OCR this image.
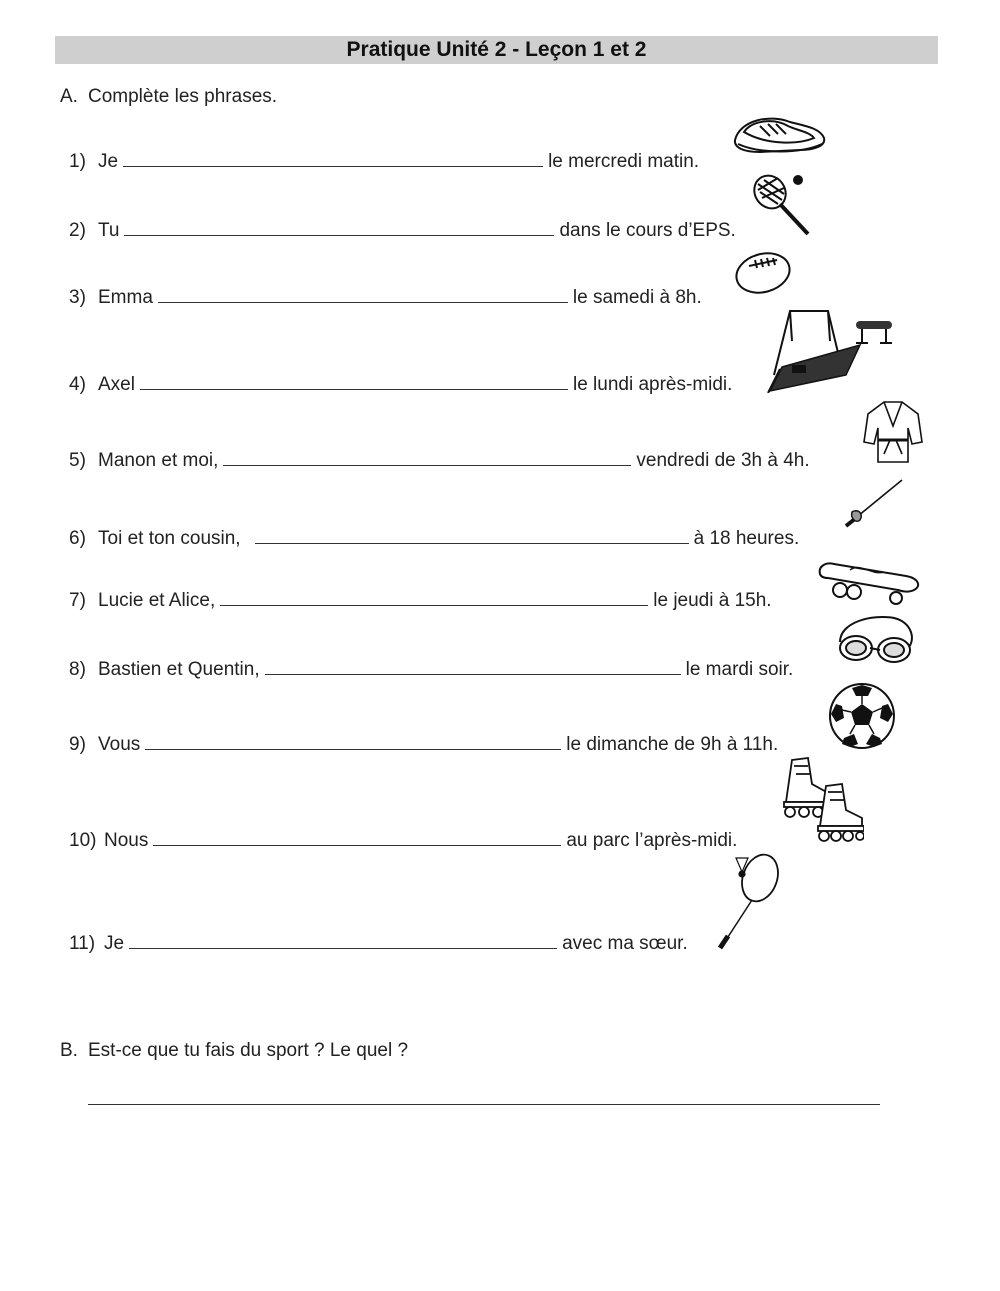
Pratique Unité 2 - Leçon 1 et 2
A. Complète les phrases.
1) Je	le mercredi matin.
2) Tu	dans le cours d’EPS.
3) Emma	le samedi à 8h.
4) Axel	le lundi après-midi.
5) Manon et moi,	vendredi de 3h à 4h.
6) Toi et ton cousin,	à 18 heures.
7) Lucie et Alice,	le jeudi à 15h.
8) Bastien et Quentin,	le mardi soir.
9) Vous	le dimanche de 9h à 11h.
10) Nous	au parc l’après-midi.
11) Je	avec ma sœur.
B. Est-ce que tu fais du sport ? Le quel ?
